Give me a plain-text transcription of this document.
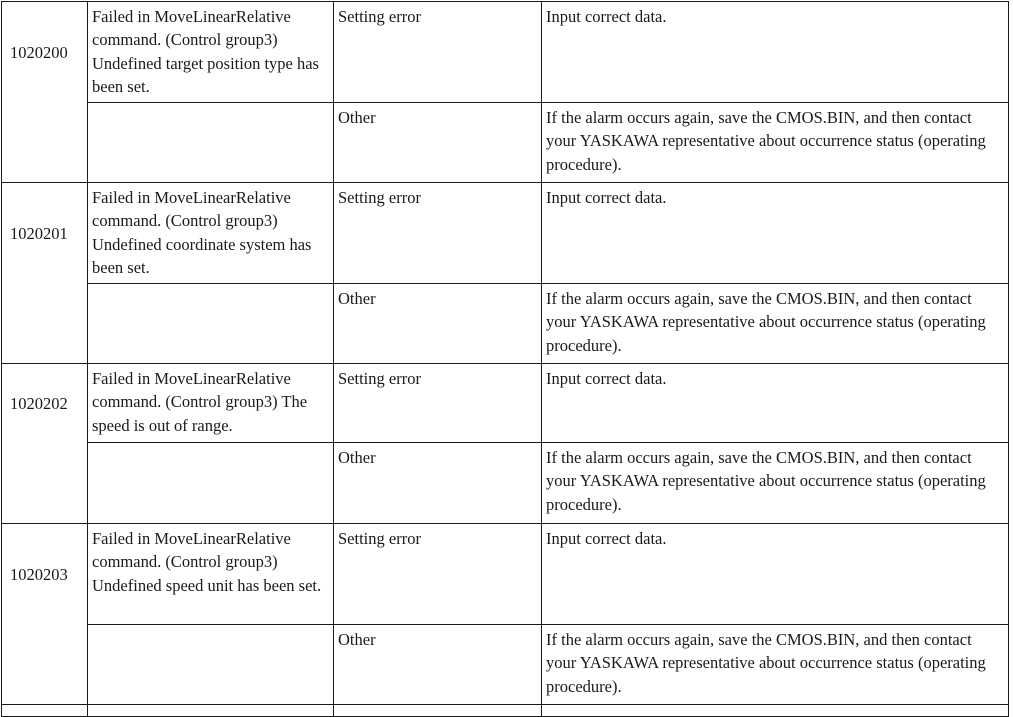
1020200	Failed in MoveLinearRelative command. (Control group3) Undefined target position type has been set.	Setting error	Input correct data.
		Other	If the alarm occurs again, save the CMOS.BIN, and then contact your YASKAWA representative about occurrence status (operating procedure).
1020201	Failed in MoveLinearRelative command. (Control group3) Undefined coordinate system has been set.	Setting error	Input correct data.
		Other	If the alarm occurs again, save the CMOS.BIN, and then contact your YASKAWA representative about occurrence status (operating procedure).
1020202	Failed in MoveLinearRelative command. (Control group3) The speed is out of range.	Setting error	Input correct data.
		Other	If the alarm occurs again, save the CMOS.BIN, and then contact your YASKAWA representative about occurrence status (operating procedure).
1020203	Failed in MoveLinearRelative command. (Control group3) Undefined speed unit has been set.	Setting error	Input correct data.
		Other	If the alarm occurs again, save the CMOS.BIN, and then contact your YASKAWA representative about occurrence status (operating procedure).
